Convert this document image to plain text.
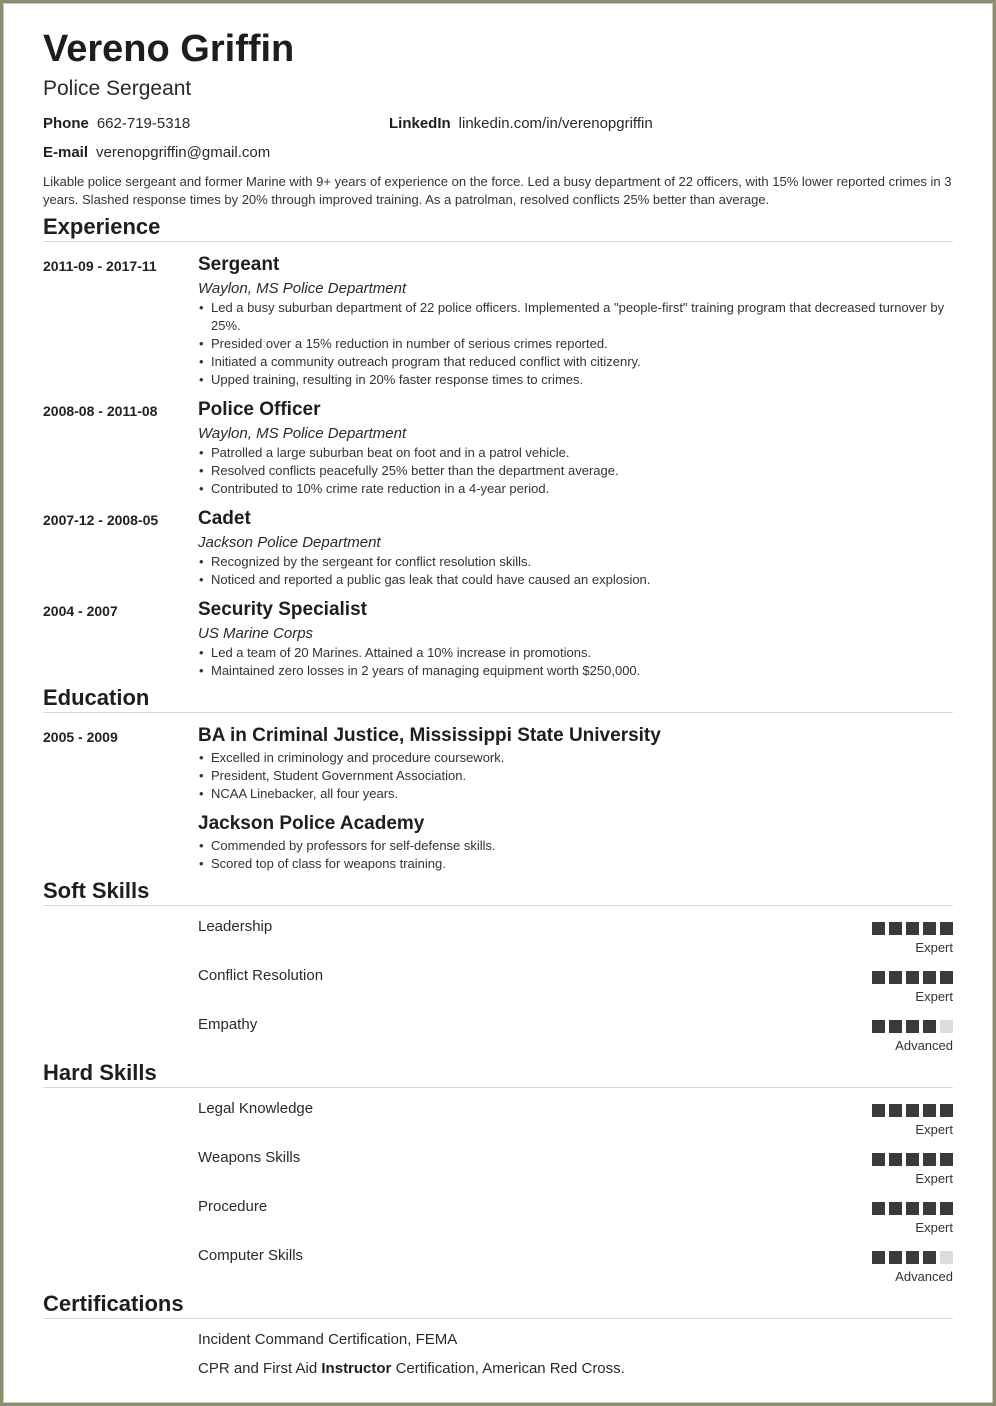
Vereno Griffin
Police Sergeant
Phone 662-719-5318	LinkedIn linkedin.com/in/verenopgriffin
E-mail verenopgriffin@gmail.com
Likable police sergeant and former Marine with 9+ years of experience on the force. Led a busy department of 22 officers, with 15% lower reported crimes in 3 years. Slashed response times by 20% through improved training. As a patrolman, resolved conflicts 25% better than average.
Experience
2011-09 - 2017-11 Sergeant
Waylon, MS Police Department
• Led a busy suburban department of 22 police officers. Implemented a "people-first" training program that decreased turnover by 25%.
• Presided over a 15% reduction in number of serious crimes reported.
• Initiated a community outreach program that reduced conflict with citizenry.
• Upped training, resulting in 20% faster response times to crimes.
2008-08 - 2011-08 Police Officer
Waylon, MS Police Department
• Patrolled a large suburban beat on foot and in a patrol vehicle.
• Resolved conflicts peacefully 25% better than the department average.
• Contributed to 10% crime rate reduction in a 4-year period.
2007-12 - 2008-05 Cadet
Jackson Police Department
• Recognized by the sergeant for conflict resolution skills.
• Noticed and reported a public gas leak that could have caused an explosion.
2004 - 2007	Security Specialist
US Marine Corps
• Led a team of 20 Marines. Attained a 10% increase in promotions.
• Maintained zero losses in 2 years of managing equipment worth $250,000.
Education
2005 - 2009	BA in Criminal Justice, Mississippi State University
• Excelled in criminology and procedure coursework.
• President, Student Government Association.
• NCAA Linebacker, all four years.
Jackson Police Academy
• Commended by professors for self-defense skills.
• Scored top of class for weapons training.
Soft Skills
Leadership
Expert
Conflict Resolution
Expert
Empathy
Advanced
Hard Skills
Legal Knowledge
Expert
Weapons Skills
Expert
Procedure
Expert
Computer Skills
Advanced
Certifications
Incident Command Certification, FEMA
CPR and First Aid Instructor Certification, American Red Cross.
